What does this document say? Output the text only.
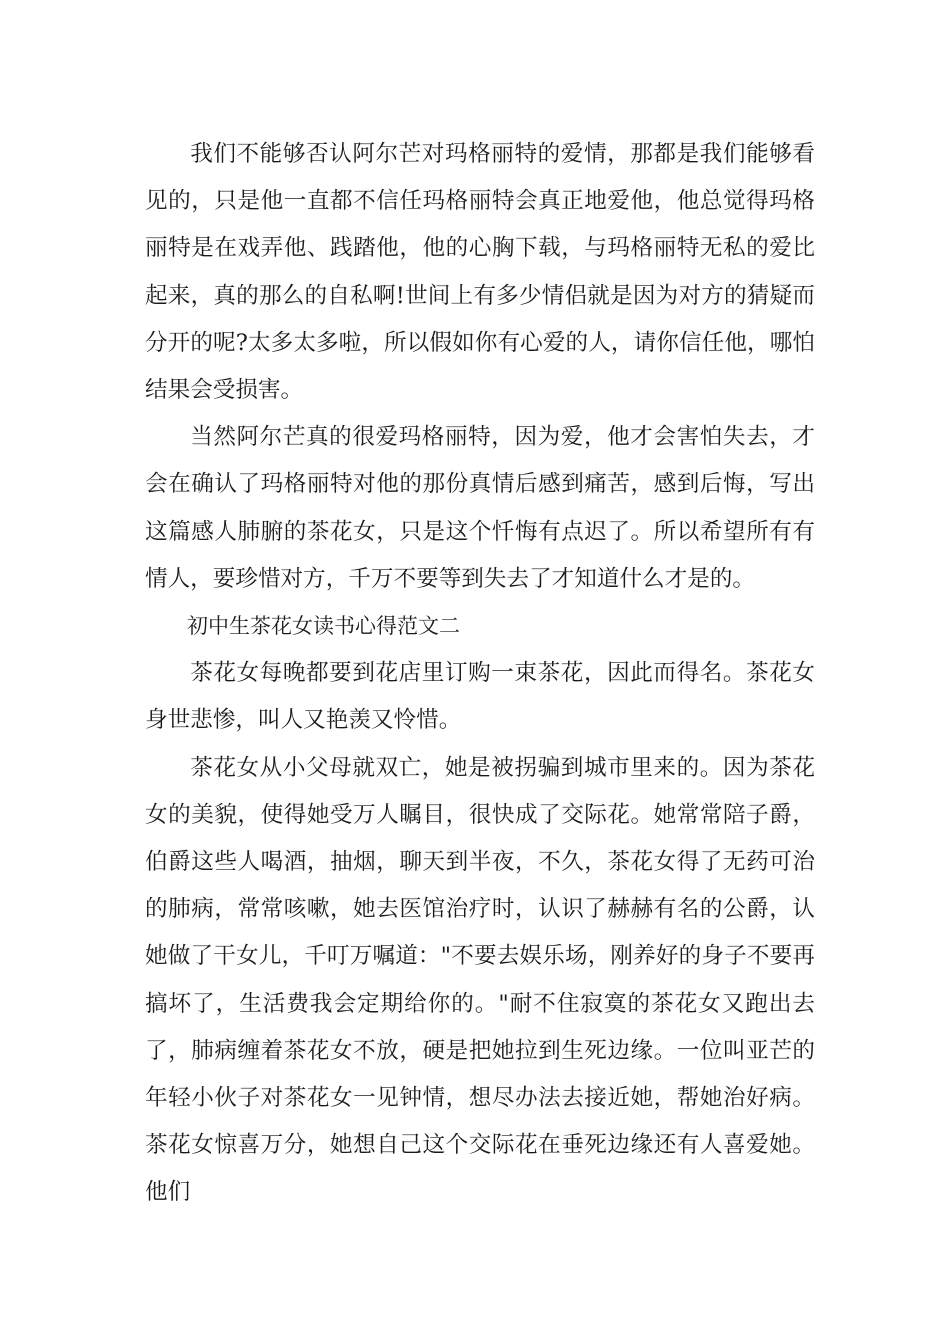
我们不能够否认阿尔芒对玛格丽特的爱情，那都是我们能够看见的，只是他一直都不信任玛格丽特会真正地爱他，他总觉得玛格丽特是在戏弄他、践踏他，他的心胸下载，与玛格丽特无私的爱比起来，真的那么的自私啊!世间上有多少情侣就是因为对方的猜疑而分开的呢?太多太多啦，所以假如你有心爱的人，请你信任他，哪怕结果会受损害。

当然阿尔芒真的很爱玛格丽特，因为爱，他才会害怕失去，才会在确认了玛格丽特对他的那份真情后感到痛苦，感到后悔，写出这篇感人肺腑的茶花女，只是这个忏悔有点迟了。所以希望所有有情人，要珍惜对方，千万不要等到失去了才知道什么才是的。

初中生茶花女读书心得范文二

茶花女每晚都要到花店里订购一束茶花，因此而得名。茶花女身世悲惨，叫人又艳羡又怜惜。

茶花女从小父母就双亡，她是被拐骗到城市里来的。因为茶花女的美貌，使得她受万人瞩目，很快成了交际花。她常常陪子爵，伯爵这些人喝酒，抽烟，聊天到半夜，不久，茶花女得了无药可治的肺病，常常咳嗽，她去医馆治疗时，认识了赫赫有名的公爵，认她做了干女儿，千叮万嘱道："不要去娱乐场，刚养好的身子不要再搞坏了，生活费我会定期给你的。"耐不住寂寞的茶花女又跑出去了，肺病缠着茶花女不放，硬是把她拉到生死边缘。一位叫亚芒的年轻小伙子对茶花女一见钟情，想尽办法去接近她，帮她治好病。茶花女惊喜万分，她想自己这个交际花在垂死边缘还有人喜爱她。他们
